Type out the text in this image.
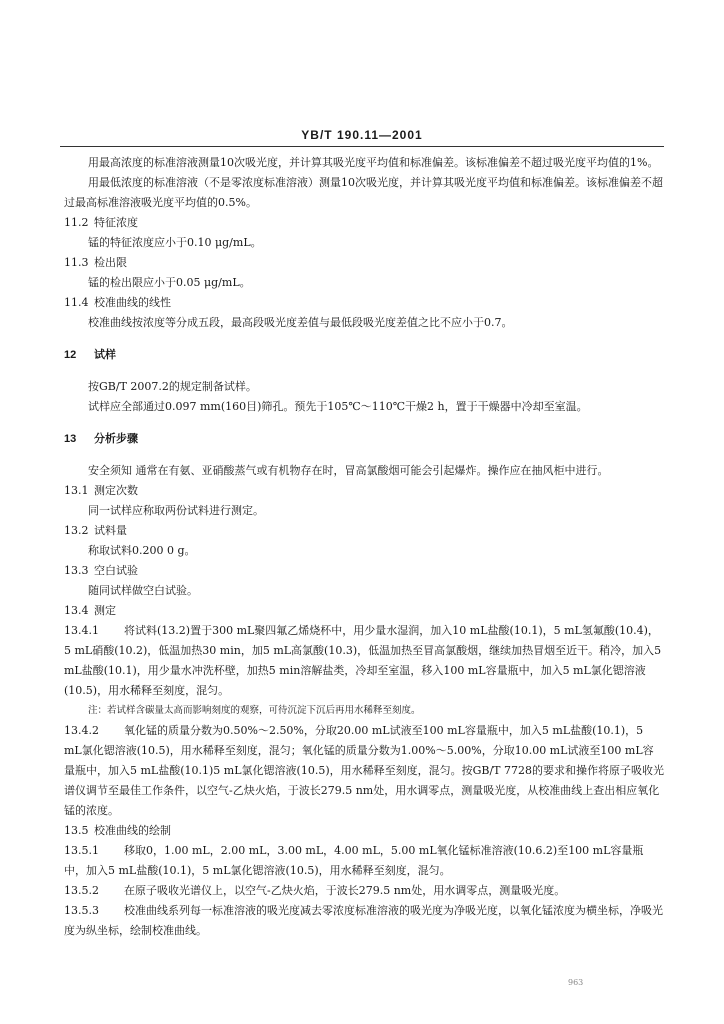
YB/T 190.11—2001
用最高浓度的标准溶液测量10次吸光度，并计算其吸光度平均值和标准偏差。该标准偏差不超过吸光度平均值的1%。
用最低浓度的标准溶液（不是零浓度标准溶液）测量10次吸光度，并计算其吸光度平均值和标准偏差。该标准偏差不超过最高标准溶液吸光度平均值的0.5%。
11.2 特征浓度
锰的特征浓度应小于0.10 μg/mL。
11.3 检出限
锰的检出限应小于0.05 μg/mL。
11.4 校准曲线的线性
校准曲线按浓度等分成五段，最高段吸光度差值与最低段吸光度差值之比不应小于0.7。
12 试样
按GB/T 2007.2的规定制备试样。
试样应全部通过0.097 mm(160目)筛孔。预先于105℃～110℃干燥2 h，置于干燥器中冷却至室温。
13 分析步骤
安全须知 通常在有氨、亚硝酸蒸气或有机物存在时，冒高氯酸烟可能会引起爆炸。操作应在抽风柜中进行。
13.1 测定次数
同一试样应称取两份试料进行测定。
13.2 试料量
称取试料0.200 0 g。
13.3 空白试验
随同试样做空白试验。
13.4 测定
13.4.1 将试料(13.2)置于300 mL聚四氟乙烯烧杯中，用少量水湿润，加入10 mL盐酸(10.1)，5 mL氢氟酸(10.4)，5 mL硝酸(10.2)，低温加热30 min，加5 mL高氯酸(10.3)，低温加热至冒高氯酸烟，继续加热冒烟至近干。稍冷，加入5 mL盐酸(10.1)，用少量水冲洗杯壁，加热5 min溶解盐类，冷却至室温，移入100 mL容量瓶中，加入5 mL氯化锶溶液(10.5)，用水稀释至刻度，混匀。
注：若试样含碳量太高而影响刻度的观察，可待沉淀下沉后再用水稀释至刻度。
13.4.2 氧化锰的质量分数为0.50%～2.50%，分取20.00 mL试液至100 mL容量瓶中，加入5 mL盐酸(10.1)，5 mL氯化锶溶液(10.5)，用水稀释至刻度，混匀；氧化锰的质量分数为1.00%～5.00%，分取10.00 mL试液至100 mL容量瓶中，加入5 mL盐酸(10.1)5 mL氯化锶溶液(10.5)，用水稀释至刻度，混匀。按GB/T 7728的要求和操作将原子吸收光谱仪调节至最佳工作条件，以空气-乙炔火焰，于波长279.5 nm处，用水调零点，测量吸光度，从校准曲线上查出相应氧化锰的浓度。
13.5 校准曲线的绘制
13.5.1 移取0，1.00 mL，2.00 mL，3.00 mL，4.00 mL，5.00 mL氧化锰标准溶液(10.6.2)至100 mL容量瓶中，加入5 mL盐酸(10.1)，5 mL氯化锶溶液(10.5)，用水稀释至刻度，混匀。
13.5.2 在原子吸收光谱仪上，以空气-乙炔火焰，于波长279.5 nm处，用水调零点，测量吸光度。
13.5.3 校准曲线系列每一标准溶液的吸光度减去零浓度标准溶液的吸光度为净吸光度，以氧化锰浓度为横坐标，净吸光度为纵坐标，绘制校准曲线。
963
